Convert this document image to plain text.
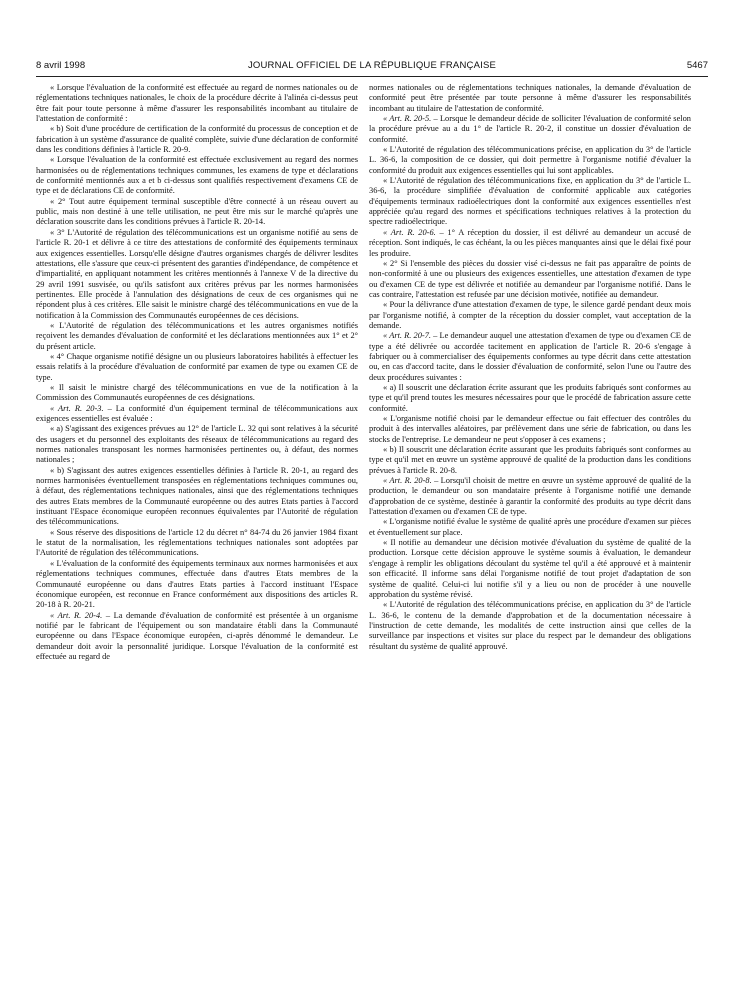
8 avril 1998	JOURNAL OFFICIEL DE LA RÉPUBLIQUE FRANÇAISE	5467

« Lorsque l'évaluation de la conformité est effectuée au regard de normes nationales ou de réglementations techniques nationales, le choix de la procédure décrite à l'alinéa ci-dessus peut être fait pour toute personne à même d'assurer les responsabilités incombant au titulaire de l'attestation de conformité :

« b) Soit d'une procédure de certification de la conformité du processus de conception et de fabrication à un système d'assurance de qualité complète, suivie d'une déclaration de conformité dans les conditions définies à l'article R. 20-9.

« Lorsque l'évaluation de la conformité est effectuée exclusivement au regard des normes harmonisées ou de réglementations techniques communes, les examens de type et déclarations de conformité mentionnés aux a et b ci-dessus sont qualifiés respectivement d'examens CE de type et de déclarations CE de conformité.

« 2° Tout autre équipement terminal susceptible d'être connecté à un réseau ouvert au public, mais non destiné à une telle utilisation, ne peut être mis sur le marché qu'après une déclaration souscrite dans les conditions prévues à l'article R. 20-14.

« 3° L'Autorité de régulation des télécommunications est un organisme notifié au sens de l'article R. 20-1 et délivre à ce titre des attestations de conformité des équipements terminaux aux exigences essentielles. Lorsqu'elle désigne d'autres organismes chargés de délivrer lesdites attestations, elle s'assure que ceux-ci présentent des garanties d'indépendance, de compétence et d'impartialité, en appliquant notamment les critères mentionnés à l'annexe V de la directive du 29 avril 1991 susvisée, ou qu'ils satisfont aux critères prévus par les normes harmonisées pertinentes. Elle procède à l'annulation des désignations de ceux de ces organismes qui ne répondent plus à ces critères. Elle saisit le ministre chargé des télécommunications en vue de la notification à la Commission des Communautés européennes de ces décisions.

« L'Autorité de régulation des télécommunications et les autres organismes notifiés reçoivent les demandes d'évaluation de conformité et les déclarations mentionnées aux 1° et 2° du présent article.

« 4° Chaque organisme notifié désigne un ou plusieurs laboratoires habilités à effectuer les essais relatifs à la procédure d'évaluation de conformité par examen de type ou examen CE de type.

« Il saisit le ministre chargé des télécommunications en vue de la notification à la Commission des Communautés européennes de ces désignations.

« Art. R. 20-3. – La conformité d'un équipement terminal de télécommunications aux exigences essentielles est évaluée :

« a) S'agissant des exigences prévues au 12° de l'article L. 32 qui sont relatives à la sécurité des usagers et du personnel des exploitants des réseaux de télécommunications au regard des normes nationales transposant les normes harmonisées pertinentes ou, à défaut, des normes nationales ;

« b) S'agissant des autres exigences essentielles définies à l'article R. 20-1, au regard des normes harmonisées éventuellement transposées en réglementations techniques communes ou, à défaut, des réglementations techniques nationales, ainsi que des réglementations techniques des autres Etats membres de la Communauté européenne ou des autres Etats parties à l'accord instituant l'Espace économique européen reconnues équivalentes par l'Autorité de régulation des télécommunications.

« Sous réserve des dispositions de l'article 12 du décret n° 84-74 du 26 janvier 1984 fixant le statut de la normalisation, les réglementations techniques nationales sont adoptées par l'Autorité de régulation des télécommunications.

« L'évaluation de la conformité des équipements terminaux aux normes harmonisées et aux réglementations techniques communes, effectuée dans d'autres Etats membres de la Communauté européenne ou dans d'autres Etats parties à l'accord instituant l'Espace économique européen, est reconnue en France conformément aux dispositions des articles R. 20-18 à R. 20-21.

« Art. R. 20-4. – La demande d'évaluation de conformité est présentée à un organisme notifié par le fabricant de l'équipement ou son mandataire établi dans la Communauté européenne ou dans l'Espace économique européen, ci-après dénommé le demandeur. Le demandeur doit avoir la personnalité juridique. Lorsque l'évaluation de la conformité est effectuée au regard de

normes nationales ou de réglementations techniques nationales, la demande d'évaluation de conformité peut être présentée par toute personne à même d'assurer les responsabilités incombant au titulaire de l'attestation de conformité.

« Art. R. 20-5. – Lorsque le demandeur décide de solliciter l'évaluation de conformité selon la procédure prévue au a du 1° de l'article R. 20-2, il constitue un dossier d'évaluation de conformité.

« L'Autorité de régulation des télécommunications précise, en application du 3° de l'article L. 36-6, la composition de ce dossier, qui doit permettre à l'organisme notifié d'évaluer la conformité du produit aux exigences essentielles qui lui sont applicables.

« L'Autorité de régulation des télécommunications fixe, en application du 3° de l'article L. 36-6, la procédure simplifiée d'évaluation de conformité applicable aux catégories d'équipements terminaux radioélectriques dont la conformité aux exigences essentielles n'est appréciée qu'au regard des normes et spécifications techniques relatives à la protection du spectre radioélectrique.

« Art. R. 20-6. – 1° A réception du dossier, il est délivré au demandeur un accusé de réception. Sont indiqués, le cas échéant, la ou les pièces manquantes ainsi que le délai fixé pour les produire.

« 2° Si l'ensemble des pièces du dossier visé ci-dessus ne fait pas apparaître de points de non-conformité à une ou plusieurs des exigences essentielles, une attestation d'examen de type ou d'examen CE de type est délivrée et notifiée au demandeur par l'organisme notifié. Dans le cas contraire, l'attestation est refusée par une décision motivée, notifiée au demandeur.

« Pour la délivrance d'une attestation d'examen de type, le silence gardé pendant deux mois par l'organisme notifié, à compter de la réception du dossier complet, vaut acceptation de la demande.

« Art. R. 20-7. – Le demandeur auquel une attestation d'examen de type ou d'examen CE de type a été délivrée ou accordée tacitement en application de l'article R. 20-6 s'engage à fabriquer ou à commercialiser des équipements conformes au type décrit dans cette attestation ou, en cas d'accord tacite, dans le dossier d'évaluation de conformité, selon l'une ou l'autre des deux procédures suivantes :

« a) Il souscrit une déclaration écrite assurant que les produits fabriqués sont conformes au type et qu'il prend toutes les mesures nécessaires pour que le procédé de fabrication assure cette conformité.

« L'organisme notifié choisi par le demandeur effectue ou fait effectuer des contrôles du produit à des intervalles aléatoires, par prélèvement dans une série de fabrication, ou dans les stocks de l'entreprise. Le demandeur ne peut s'opposer à ces examens ;

« b) Il souscrit une déclaration écrite assurant que les produits fabriqués sont conformes au type et qu'il met en œuvre un système approuvé de qualité de la production dans les conditions prévues à l'article R. 20-8.

« Art. R. 20-8. – Lorsqu'il choisit de mettre en œuvre un système approuvé de qualité de la production, le demandeur ou son mandataire présente à l'organisme notifié une demande d'approbation de ce système, destinée à garantir la conformité des produits au type décrit dans l'attestation d'examen ou d'examen CE de type.

« L'organisme notifié évalue le système de qualité après une procédure d'examen sur pièces et éventuellement sur place.

« Il notifie au demandeur une décision motivée d'évaluation du système de qualité de la production. Lorsque cette décision approuve le système soumis à évaluation, le demandeur s'engage à remplir les obligations découlant du système tel qu'il a été approuvé et à maintenir son efficacité. Il informe sans délai l'organisme notifié de tout projet d'adaptation de son système de qualité. Celui-ci lui notifie s'il y a lieu ou non de procéder à une nouvelle approbation du système révisé.

« L'Autorité de régulation des télécommunications précise, en application du 3° de l'article L. 36-6, le contenu de la demande d'approbation et de la documentation nécessaire à l'instruction de cette demande, les modalités de cette instruction ainsi que celles de la surveillance par inspections et visites sur place du respect par le demandeur des obligations résultant du système de qualité approuvé.
